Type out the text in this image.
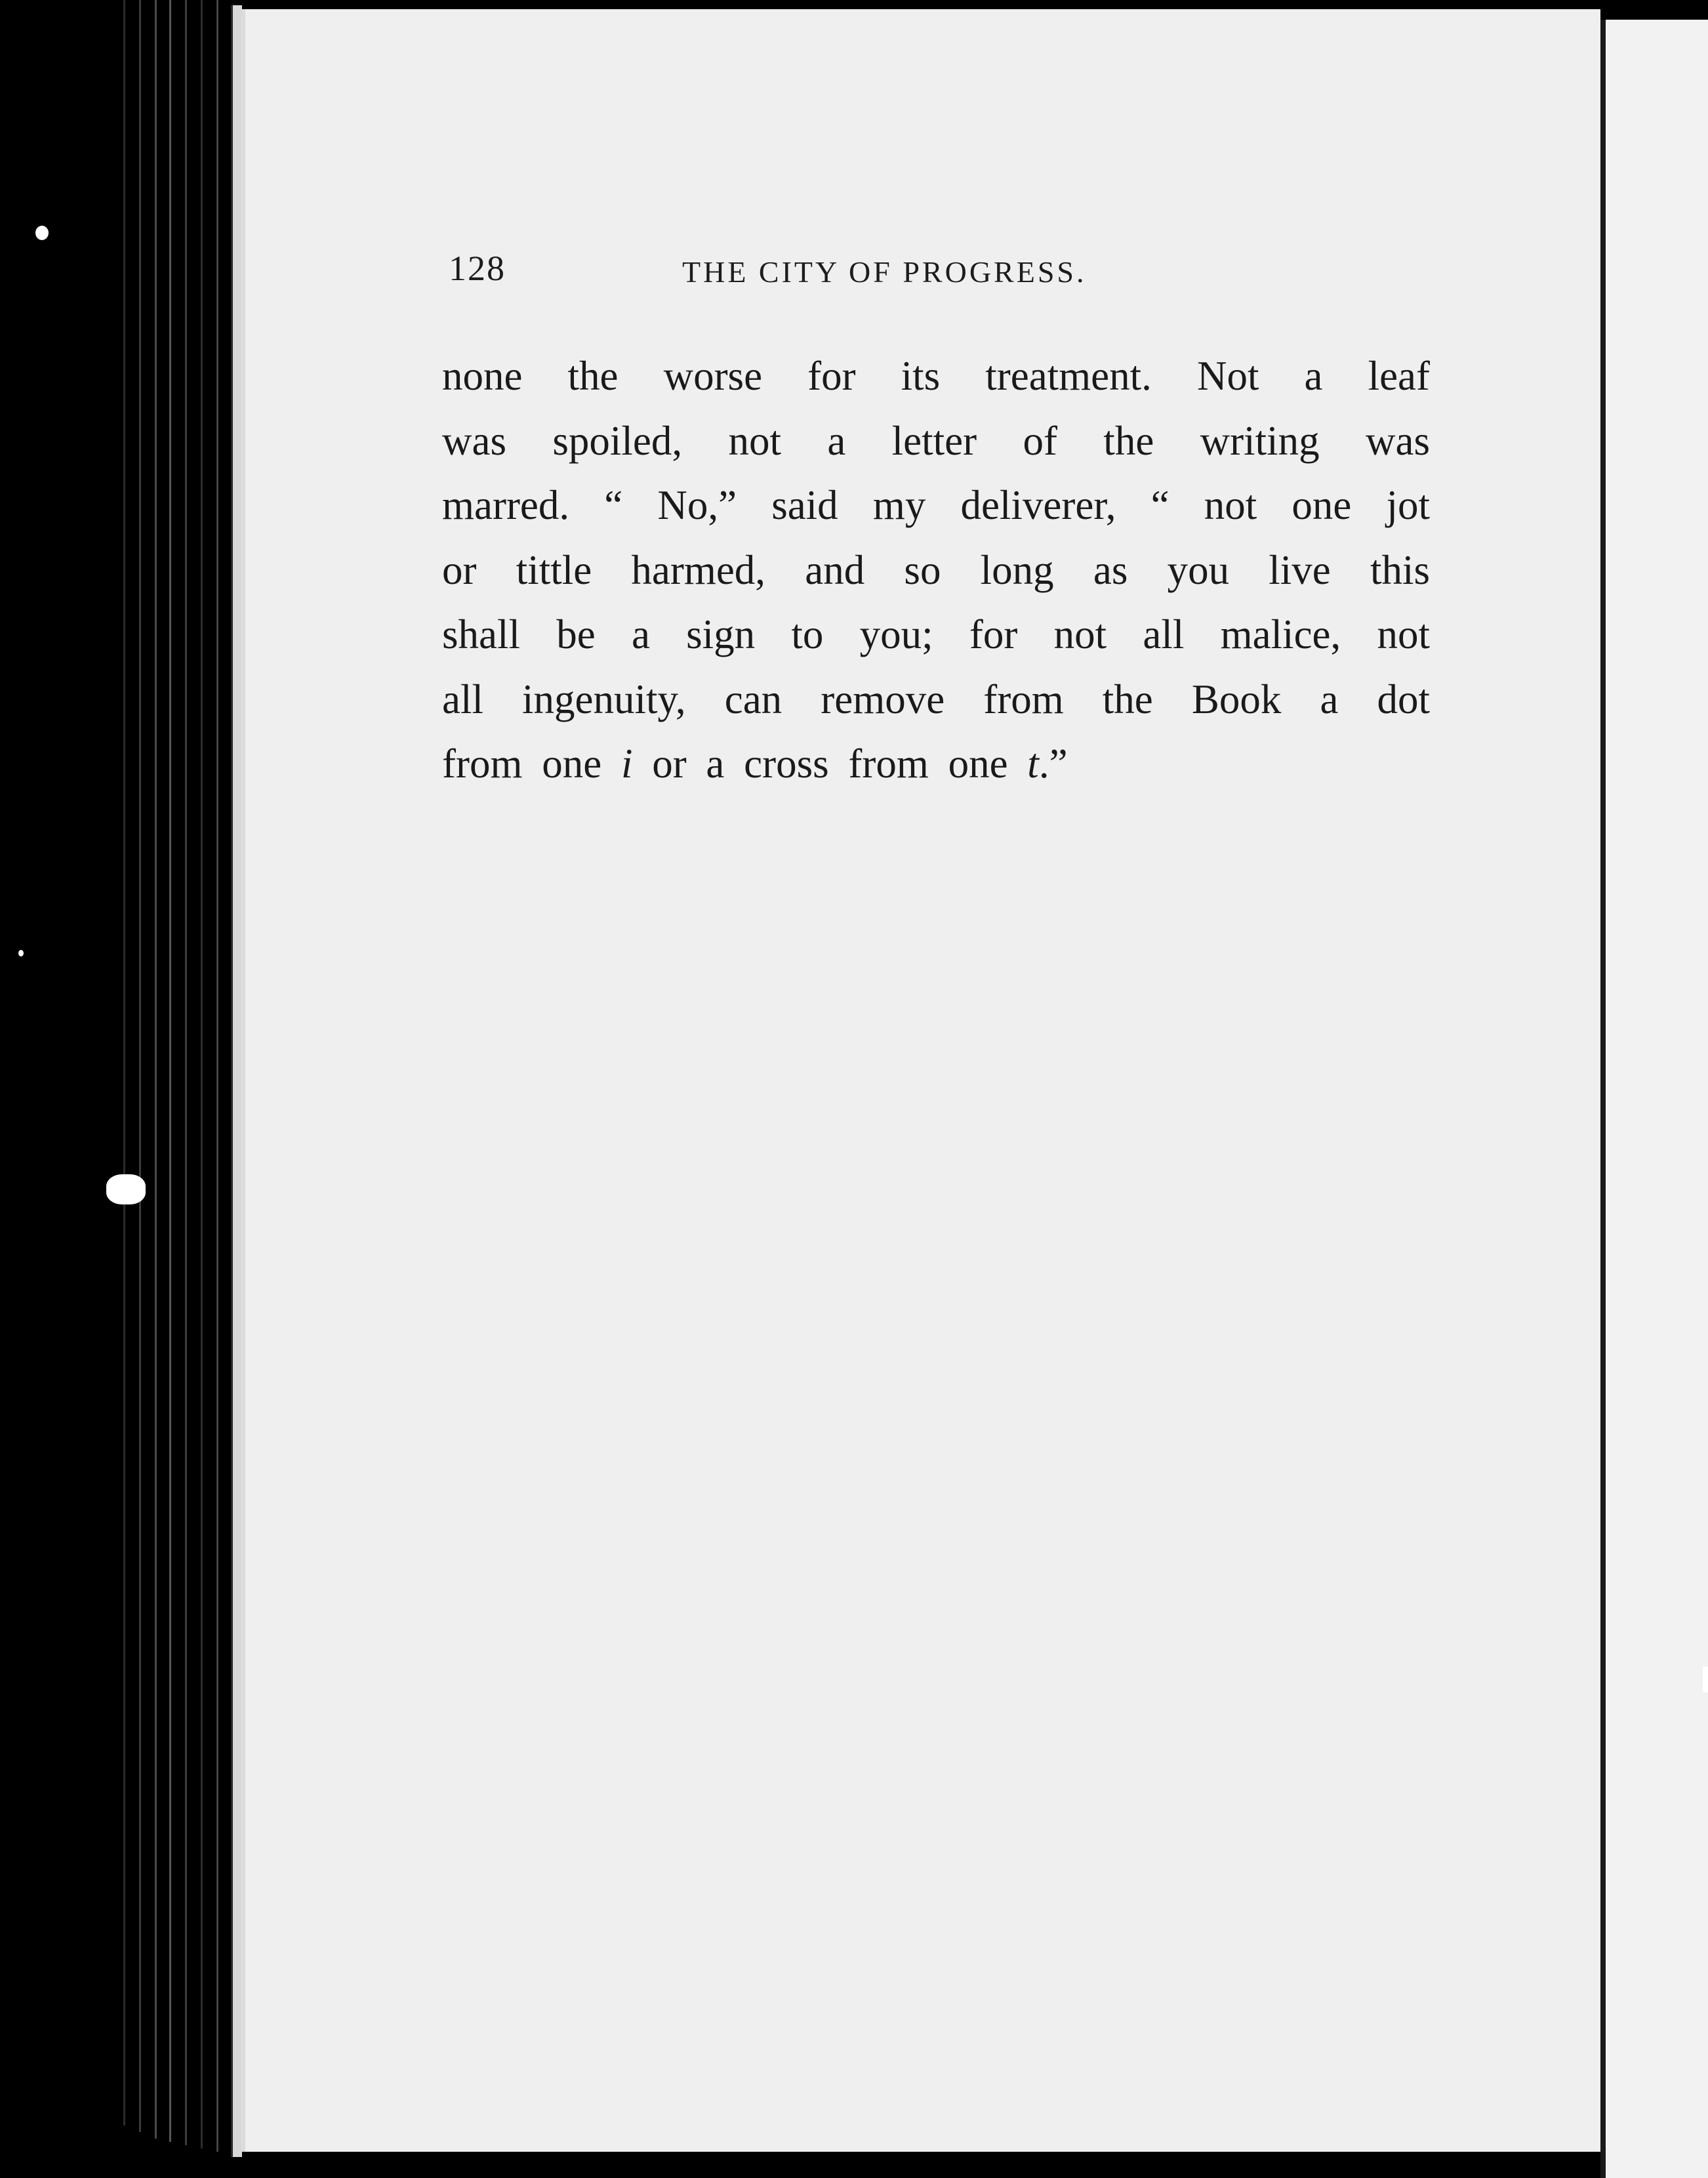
128	THE CITY OF PROGRESS.
none the worse for its treatment. Not a leaf
was spoiled, not a letter of the writing was
marred. “ No,” said my deliverer, “ not one jot
or tittle harmed, and so long as you live this
shall be a sign to you; for not all malice, not
all ingenuity, can remove from the Book a dot
from one i or a cross from one t.”
